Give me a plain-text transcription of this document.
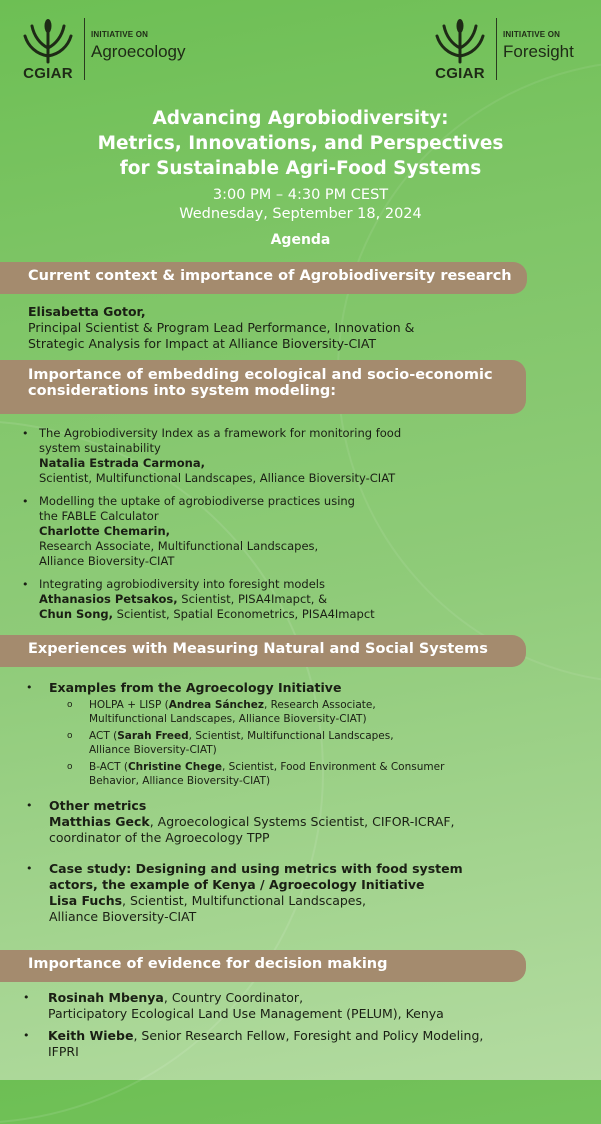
CGIAR
INITIATIVE ON
Agroecology
CGIAR
INITIATIVE ON
Foresight
Advancing Agrobiodiversity:
Metrics, Innovations, and Perspectives
for Sustainable Agri-Food Systems
3:00 PM – 4:30 PM CEST
Wednesday, September 18, 2024
Agenda
Current context & importance of Agrobiodiversity research
Elisabetta Gotor,
Principal Scientist & Program Lead Performance, Innovation &
Strategic Analysis for Impact at Alliance Bioversity-CIAT
Importance of embedding ecological and socio-economic
considerations into system modeling:
• The Agrobiodiversity Index as a framework for monitoring food
system sustainability
Natalia Estrada Carmona,
Scientist, Multifunctional Landscapes, Alliance Bioversity-CIAT
• Modelling the uptake of agrobiodiverse practices using
the FABLE Calculator
Charlotte Chemarin,
Research Associate, Multifunctional Landscapes,
Alliance Bioversity-CIAT
• Integrating agrobiodiversity into foresight models
Athanasios Petsakos, Scientist, PISA4Imapct, &
Chun Song, Scientist, Spatial Econometrics, PISA4Imapct
Experiences with Measuring Natural and Social Systems
• Examples from the Agroecology Initiative
o HOLPA + LISP (Andrea Sánchez, Research Associate,
Multifunctional Landscapes, Alliance Bioversity-CIAT)
o ACT (Sarah Freed, Scientist, Multifunctional Landscapes,
Alliance Bioversity-CIAT)
o B-ACT (Christine Chege, Scientist, Food Environment & Consumer
Behavior, Alliance Bioversity-CIAT)
• Other metrics
Matthias Geck, Agroecological Systems Scientist, CIFOR-ICRAF,
coordinator of the Agroecology TPP
• Case study: Designing and using metrics with food system
actors, the example of Kenya / Agroecology Initiative
Lisa Fuchs, Scientist, Multifunctional Landscapes,
Alliance Bioversity-CIAT
Importance of evidence for decision making
• Rosinah Mbenya, Country Coordinator,
Participatory Ecological Land Use Management (PELUM), Kenya
• Keith Wiebe, Senior Research Fellow, Foresight and Policy Modeling,
IFPRI
